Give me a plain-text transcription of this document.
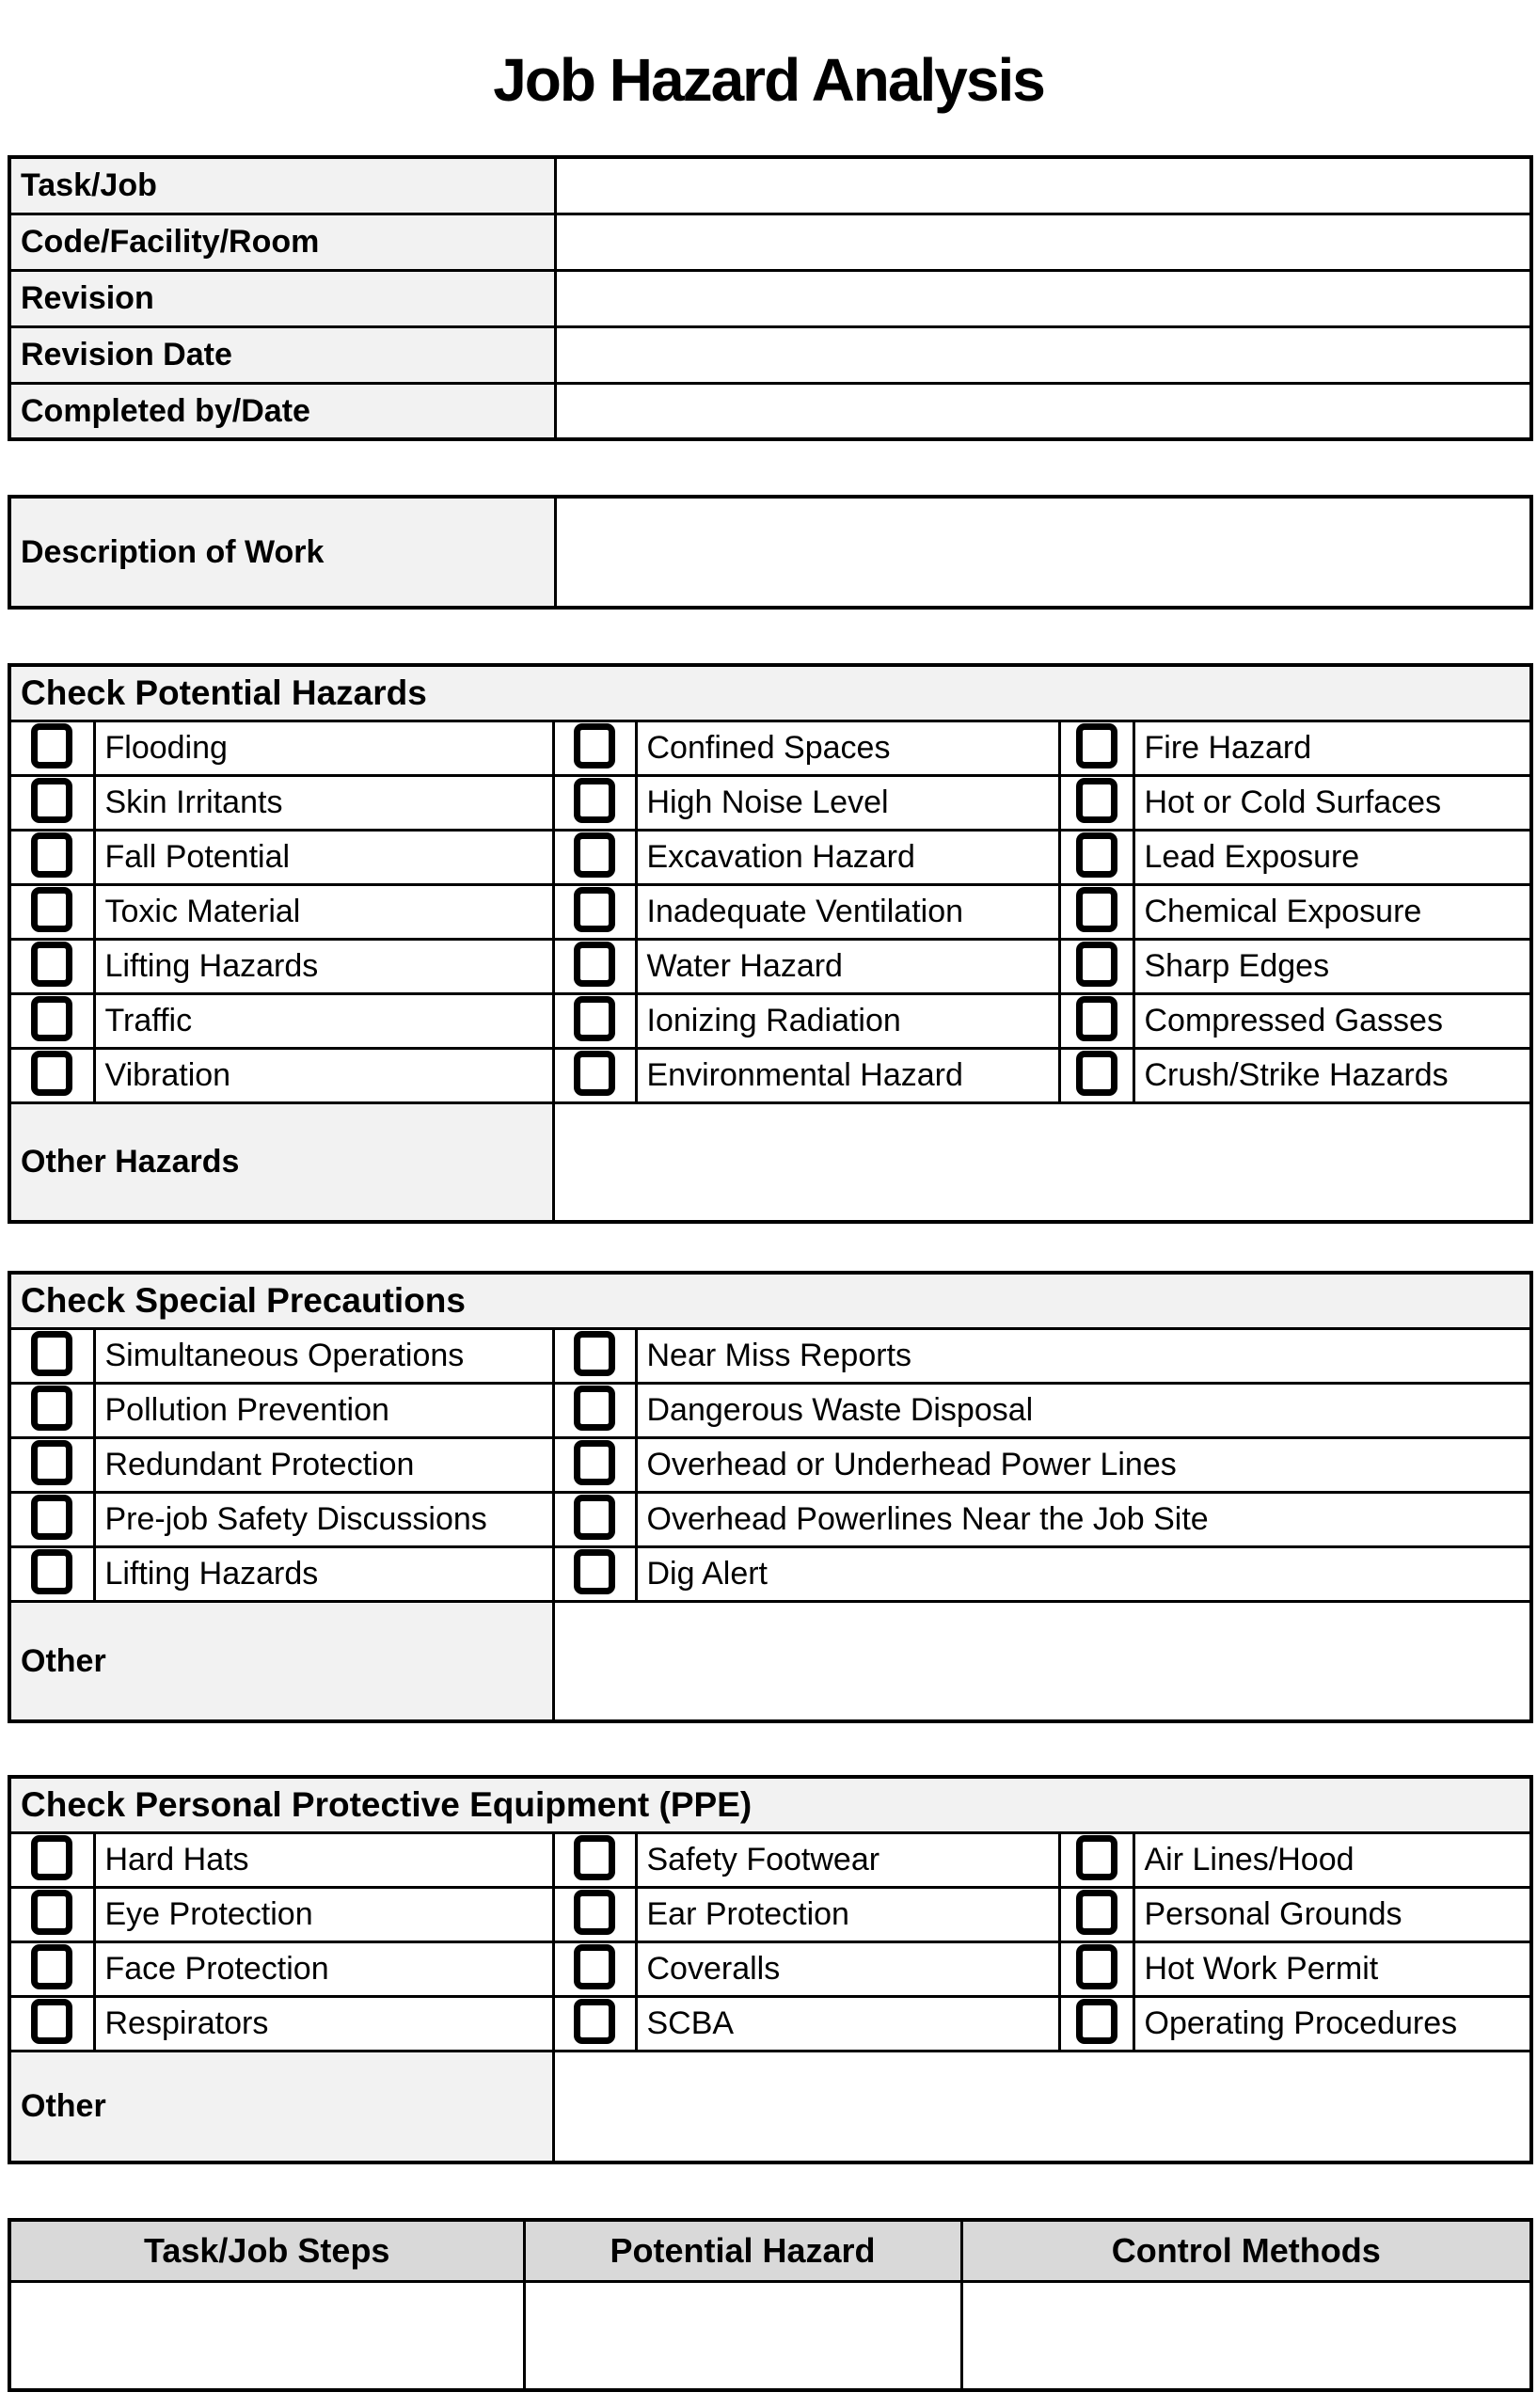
Job Hazard Analysis
Task/Job	
Code/Facility/Room	
Revision	
Revision Date	
Completed by/Date	
Description of Work	
Check Potential Hazards					
	Flooding		Confined Spaces		Fire Hazard
	Skin Irritants		High Noise Level		Hot or Cold Surfaces
	Fall Potential		Excavation Hazard		Lead Exposure
	Toxic Material		Inadequate Ventilation		Chemical Exposure
	Lifting Hazards		Water Hazard		Sharp Edges
	Traffic		Ionizing Radiation		Compressed Gasses
	Vibration		Environmental Hazard		Crush/Strike Hazards
Other Hazards					
Check Special Precautions			
	Simultaneous Operations		Near Miss Reports
	Pollution Prevention		Dangerous Waste Disposal
	Redundant Protection		Overhead or Underhead Power Lines
	Pre-job Safety Discussions		Overhead Powerlines Near the Job Site
	Lifting Hazards		Dig Alert
Other			
Check Personal Protective Equipment (PPE)					
	Hard Hats		Safety Footwear		Air Lines/Hood
	Eye Protection		Ear Protection		Personal Grounds
	Face Protection		Coveralls		Hot Work Permit
	Respirators		SCBA		Operating Procedures
Other					
Task/Job Steps	Potential Hazard	Control Methods
